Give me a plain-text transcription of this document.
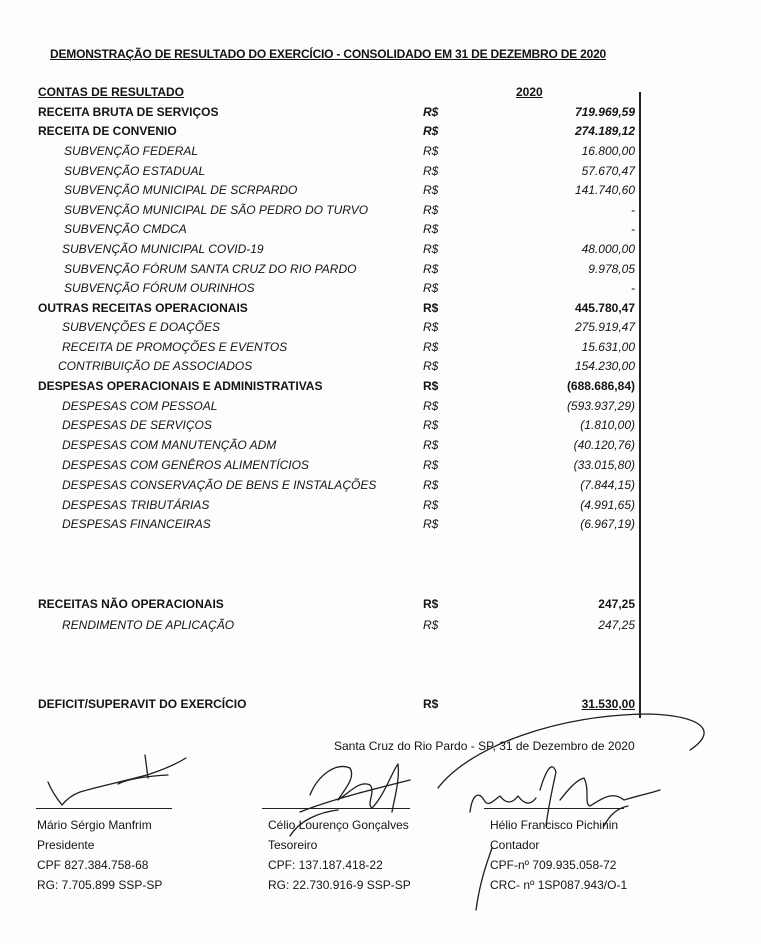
DEMONSTRAÇÃO DE RESULTADO DO EXERCÍCIO - CONSOLIDADO EM 31 DE DEZEMBRO DE 2020
CONTAS DE RESULTADO	2020
RECEITA BRUTA DE SERVIÇOS	R$	719.969,59
RECEITA DE CONVENIO	R$	274.189,12
SUBVENÇÃO FEDERAL	R$	16.800,00
SUBVENÇÃO ESTADUAL	R$	57.670,47
SUBVENÇÃO MUNICIPAL DE SCRPARDO	R$	141.740,60
SUBVENÇÃO MUNICIPAL DE SÃO PEDRO DO TURVO	R$	-
SUBVENÇÃO CMDCA	R$	-
SUBVENÇÃO MUNICIPAL COVID-19	R$	48.000,00
SUBVENÇÃO FÓRUM SANTA CRUZ DO RIO PARDO	R$	9.978,05
SUBVENÇÃO FÓRUM OURINHOS	R$	-
OUTRAS RECEITAS OPERACIONAIS	R$	445.780,47
SUBVENÇÕES E DOAÇÕES	R$	275.919,47
RECEITA DE PROMOÇÕES E EVENTOS	R$	15.631,00
CONTRIBUIÇÃO DE ASSOCIADOS	R$	154.230,00
DESPESAS OPERACIONAIS E ADMINISTRATIVAS	R$	(688.686,84)
DESPESAS COM PESSOAL	R$	(593.937,29)
DESPESAS DE SERVIÇOS	R$	(1.810,00)
DESPESAS COM MANUTENÇÃO ADM	R$	(40.120,76)
DESPESAS COM GENÊROS ALIMENTÍCIOS	R$	(33.015,80)
DESPESAS CONSERVAÇÃO DE BENS E INSTALAÇÕES	R$	(7.844,15)
DESPESAS TRIBUTÁRIAS	R$	(4.991,65)
DESPESAS FINANCEIRAS	R$	(6.967,19)
RECEITAS NÃO OPERACIONAIS	R$	247,25
RENDIMENTO DE APLICAÇÃO	R$	247,25
DEFICIT/SUPERAVIT DO EXERCÍCIO	R$	31.530,00
Santa Cruz do Rio Pardo - SP, 31 de Dezembro de 2020
Mário Sérgio Manfrim
Presidente
CPF 827.384.758-68
RG: 7.705.899 SSP-SP
Célio Lourenço Gonçalves
Tesoreiro
CPF: 137.187.418-22
RG: 22.730.916-9 SSP-SP
Hélio Francisco Pichinin
Contador
CPF-nº 709.935.058-72
CRC- nº 1SP087.943/O-1
